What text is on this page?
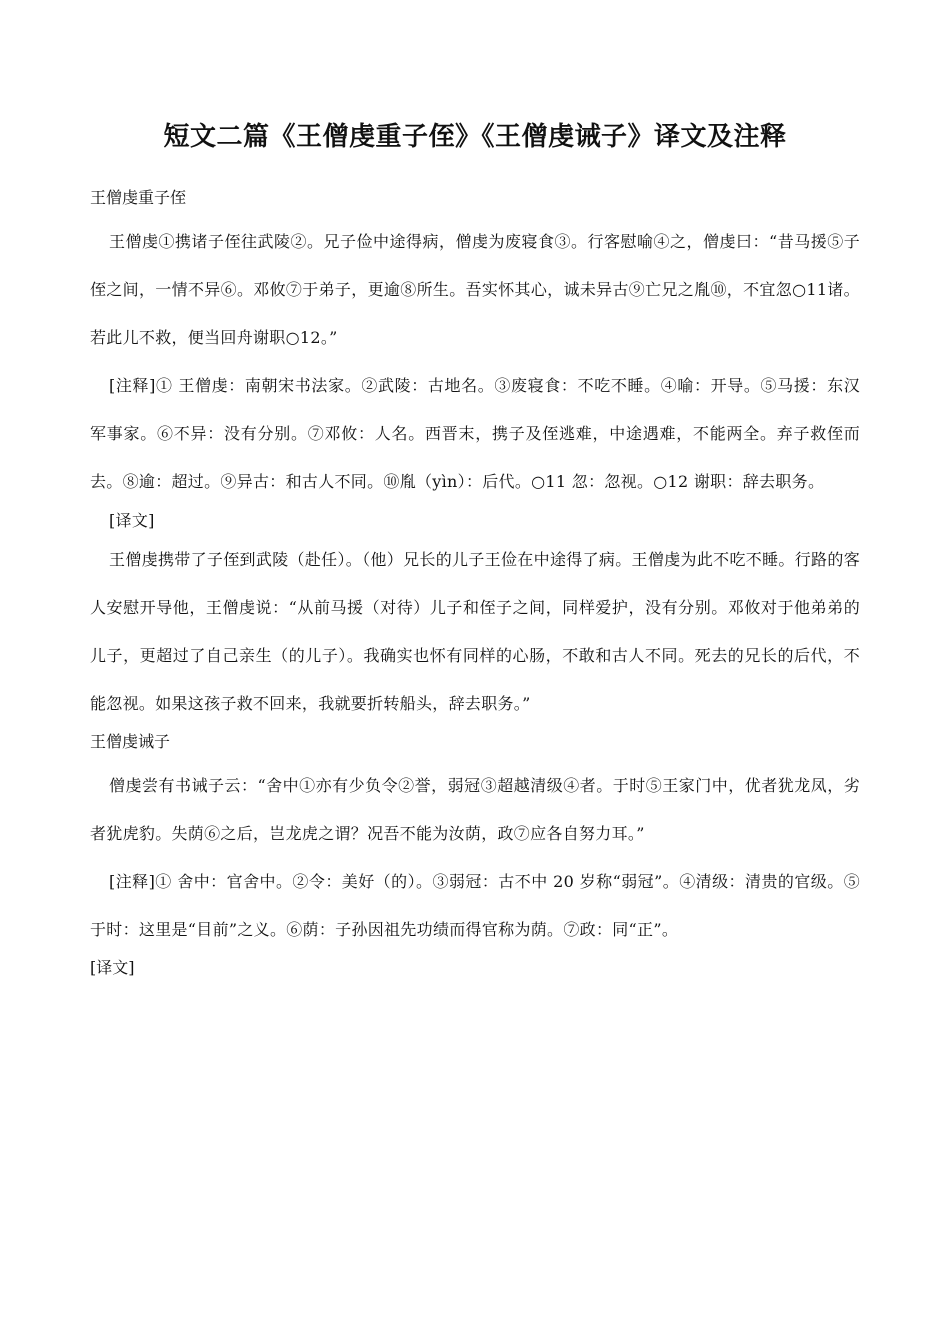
短文二篇《王僧虔重子侄》《王僧虔诫子》译文及注释

王僧虔重子侄

王僧虔①携诸子侄往武陵②。兄子俭中途得病，僧虔为废寝食③。行客慰喻④之，僧虔曰：“昔马援⑤子侄之间，一情不异⑥。邓攸⑦于弟子，更逾⑧所生。吾实怀其心，诚未异古⑨亡兄之胤⑩，不宜忽○11诸。若此儿不救，便当回舟谢职○12。”

[注释]① 王僧虔：南朝宋书法家。②武陵：古地名。③废寝食：不吃不睡。④喻：开导。⑤马援：东汉军事家。⑥不异：没有分别。⑦邓攸：人名。西晋末，携子及侄逃难，中途遇难，不能两全。弃子救侄而去。⑧逾：超过。⑨异古：和古人不同。⑩胤（yìn）：后代。○11 忽：忽视。○12 谢职：辞去职务。

[译文]

王僧虔携带了子侄到武陵（赴任）。（他）兄长的儿子王俭在中途得了病。王僧虔为此不吃不睡。行路的客人安慰开导他，王僧虔说：“从前马援（对待）儿子和侄子之间，同样爱护，没有分别。邓攸对于他弟弟的儿子，更超过了自己亲生（的儿子）。我确实也怀有同样的心肠，不敢和古人不同。死去的兄长的后代，不能忽视。如果这孩子救不回来，我就要折转船头，辞去职务。”

王僧虔诫子

僧虔尝有书诫子云：“舍中①亦有少负令②誉，弱冠③超越清级④者。于时⑤王家门中，优者犹龙凤，劣者犹虎豹。失荫⑥之后，岂龙虎之谓？况吾不能为汝荫，政⑦应各自努力耳。”

[注释]① 舍中：官舍中。②令：美好（的）。③弱冠：古不中 20 岁称“弱冠”。④清级：清贵的官级。⑤于时：这里是“目前”之义。⑥荫：子孙因祖先功绩而得官称为荫。⑦政：同“正”。

[译文]
